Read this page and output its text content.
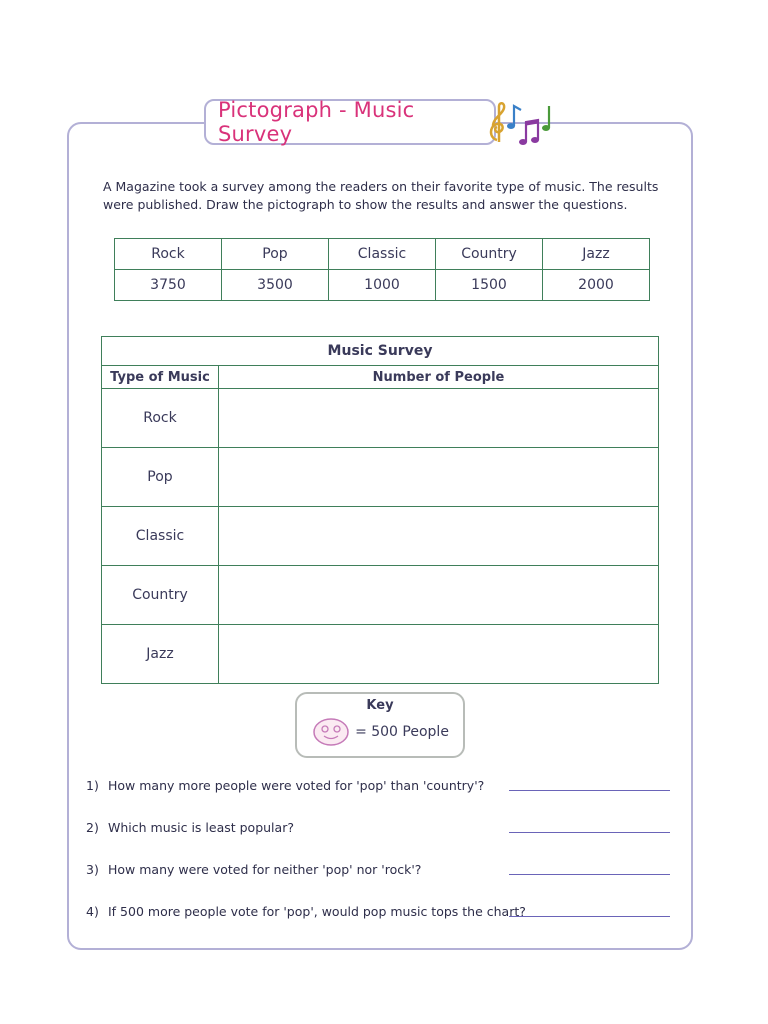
Pictograph - Music Survey
A Magazine took a survey among the readers on their favorite type of music. The results were published. Draw the pictograph to show the results and answer the questions.
Rock	Pop	Classic	Country	Jazz
3750	3500	1000	1500	2000
Music Survey	
Type of Music	Number of People
Rock	
Pop	
Classic	
Country	
Jazz	
Key
= 500 People
1) How many more people were voted for 'pop' than 'country'?
2) Which music is least popular?
3) How many were voted for neither 'pop' nor 'rock'?
4) If 500 more people vote for 'pop', would pop music tops the chart?
